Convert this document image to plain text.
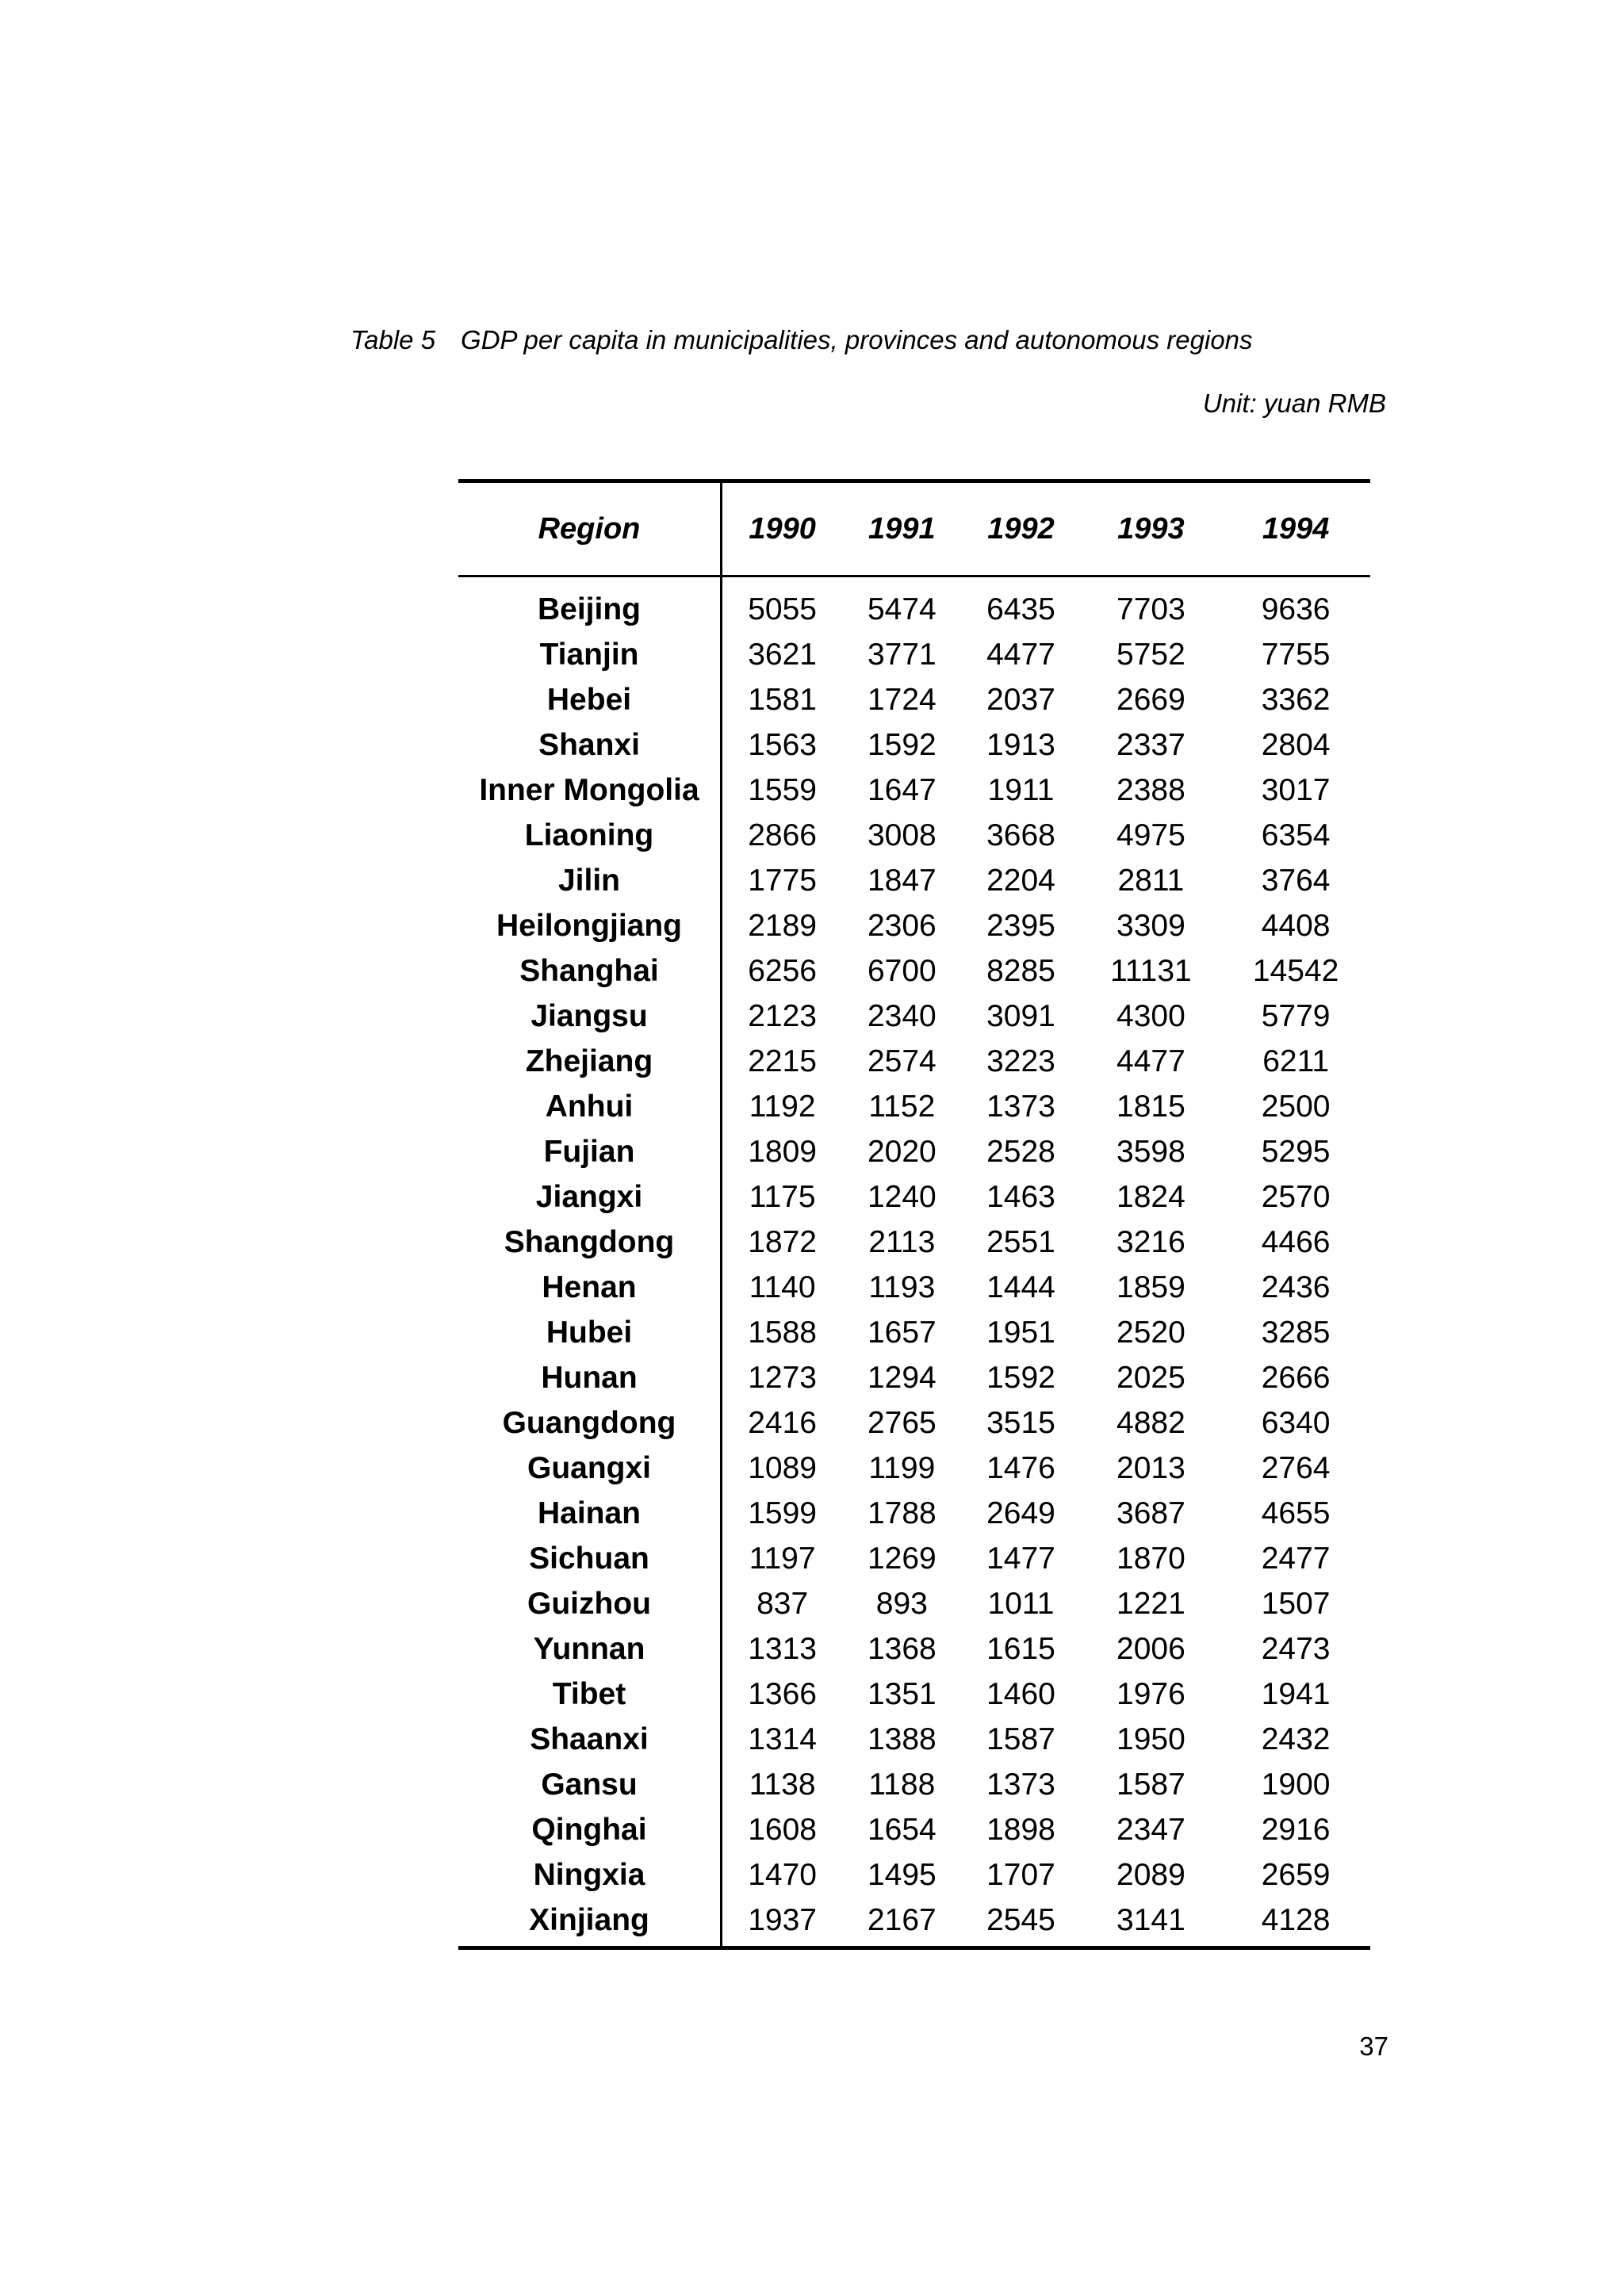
Table 5 GDP per capita in municipalities, provinces and autonomous regions
Unit: yuan RMB
Region	1990	1991	1992	1993	1994
Beijing	5055	5474	6435	7703	9636
Tianjin	3621	3771	4477	5752	7755
Hebei	1581	1724	2037	2669	3362
Shanxi	1563	1592	1913	2337	2804
Inner Mongolia	1559	1647	1911	2388	3017
Liaoning	2866	3008	3668	4975	6354
Jilin	1775	1847	2204	2811	3764
Heilongjiang	2189	2306	2395	3309	4408
Shanghai	6256	6700	8285	11131	14542
Jiangsu	2123	2340	3091	4300	5779
Zhejiang	2215	2574	3223	4477	6211
Anhui	1192	1152	1373	1815	2500
Fujian	1809	2020	2528	3598	5295
Jiangxi	1175	1240	1463	1824	2570
Shangdong	1872	2113	2551	3216	4466
Henan	1140	1193	1444	1859	2436
Hubei	1588	1657	1951	2520	3285
Hunan	1273	1294	1592	2025	2666
Guangdong	2416	2765	3515	4882	6340
Guangxi	1089	1199	1476	2013	2764
Hainan	1599	1788	2649	3687	4655
Sichuan	1197	1269	1477	1870	2477
Guizhou	837	893	1011	1221	1507
Yunnan	1313	1368	1615	2006	2473
Tibet	1366	1351	1460	1976	1941
Shaanxi	1314	1388	1587	1950	2432
Gansu	1138	1188	1373	1587	1900
Qinghai	1608	1654	1898	2347	2916
Ningxia	1470	1495	1707	2089	2659
Xinjiang	1937	2167	2545	3141	4128
37
